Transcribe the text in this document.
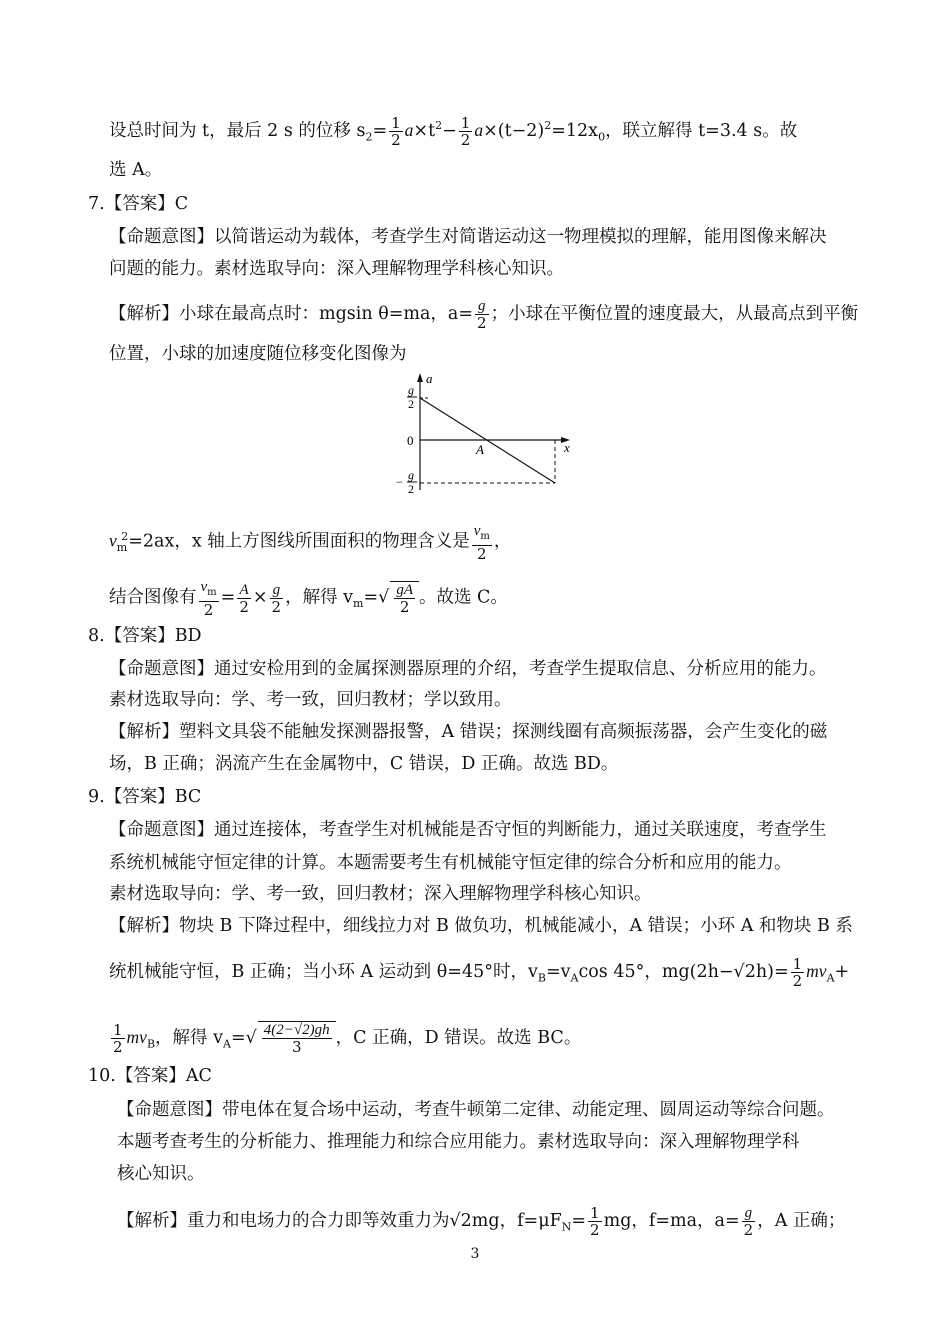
设总时间为 t，最后 2 s 的位移 $s_2= \frac{1}{2} a\times t^2- \frac{1}{2} a\times(t-2)^2=12x_0$，联立解得 t=3.4 s。故
选 A。
7.【答案】C
【命题意图】以简谐运动为载体，考查学生对简谐运动这一物理模拟的理解，能用图像来解决
问题的能力。素材选取导向：深入理解物理学科核心知识。
【解析】小球在最高点时：mgsin θ=ma，$a= \frac{g}{2}$ ；小球在平衡位置的速度最大，从最高点到平衡
位置，小球的加速度随位移变化图像为
a
x
0
A
g
2
− g
2
$v_m^2=2ax$，x 轴上方图线所围面积的物理含义是 $\frac{v_m}{2}$ ，
结合图像有 $\frac{v_m}{2} = \frac{A}{2} \times \frac{g}{2}$ ，解得 $v_m=√ \frac{gA}{2}$ 。故选 C。
8.【答案】BD
【命题意图】通过安检用到的金属探测器原理的介绍，考查学生提取信息、分析应用的能力。
素材选取导向：学、考一致，回归教材；学以致用。
【解析】塑料文具袋不能触发探测器报警，A 错误；探测线圈有高频振荡器，会产生变化的磁
场，B 正确；涡流产生在金属物中，C 错误，D 正确。故选 BD。
9.【答案】BC
【命题意图】通过连接体，考查学生对机械能是否守恒的判断能力，通过关联速度，考查学生
系统机械能守恒定律的计算。本题需要考生有机械能守恒定律的综合分析和应用的能力。
素材选取导向：学、考一致，回归教材；深入理解物理学科核心知识。
【解析】物块 B 下降过程中，细线拉力对 B 做负功，机械能减小，A 错误；小环 A 和物块 B 系
统机械能守恒，B 正确；当小环 A 运动到 θ=45°时，$v_B=v_A\cos$ 45°，$mg(2h-√2h)= \frac{1}{2} mv_A+$
$\frac{1}{2} mv_B$，解得 $v_A=√ \frac{4(2-√2)gh}{3}$ ，C 正确，D 错误。故选 BC。
10.【答案】AC
【命题意图】带电体在复合场中运动，考查牛顿第二定律、动能定理、圆周运动等综合问题。
本题考查考生的分析能力、推理能力和综合应用能力。素材选取导向：深入理解物理学科
核心知识。
【解析】重力和电场力的合力即等效重力为√2mg，$f=\mu F_N= \frac{1}{2}$ mg，f=ma，$a= \frac{g}{2}$ ，A 正确；
3
